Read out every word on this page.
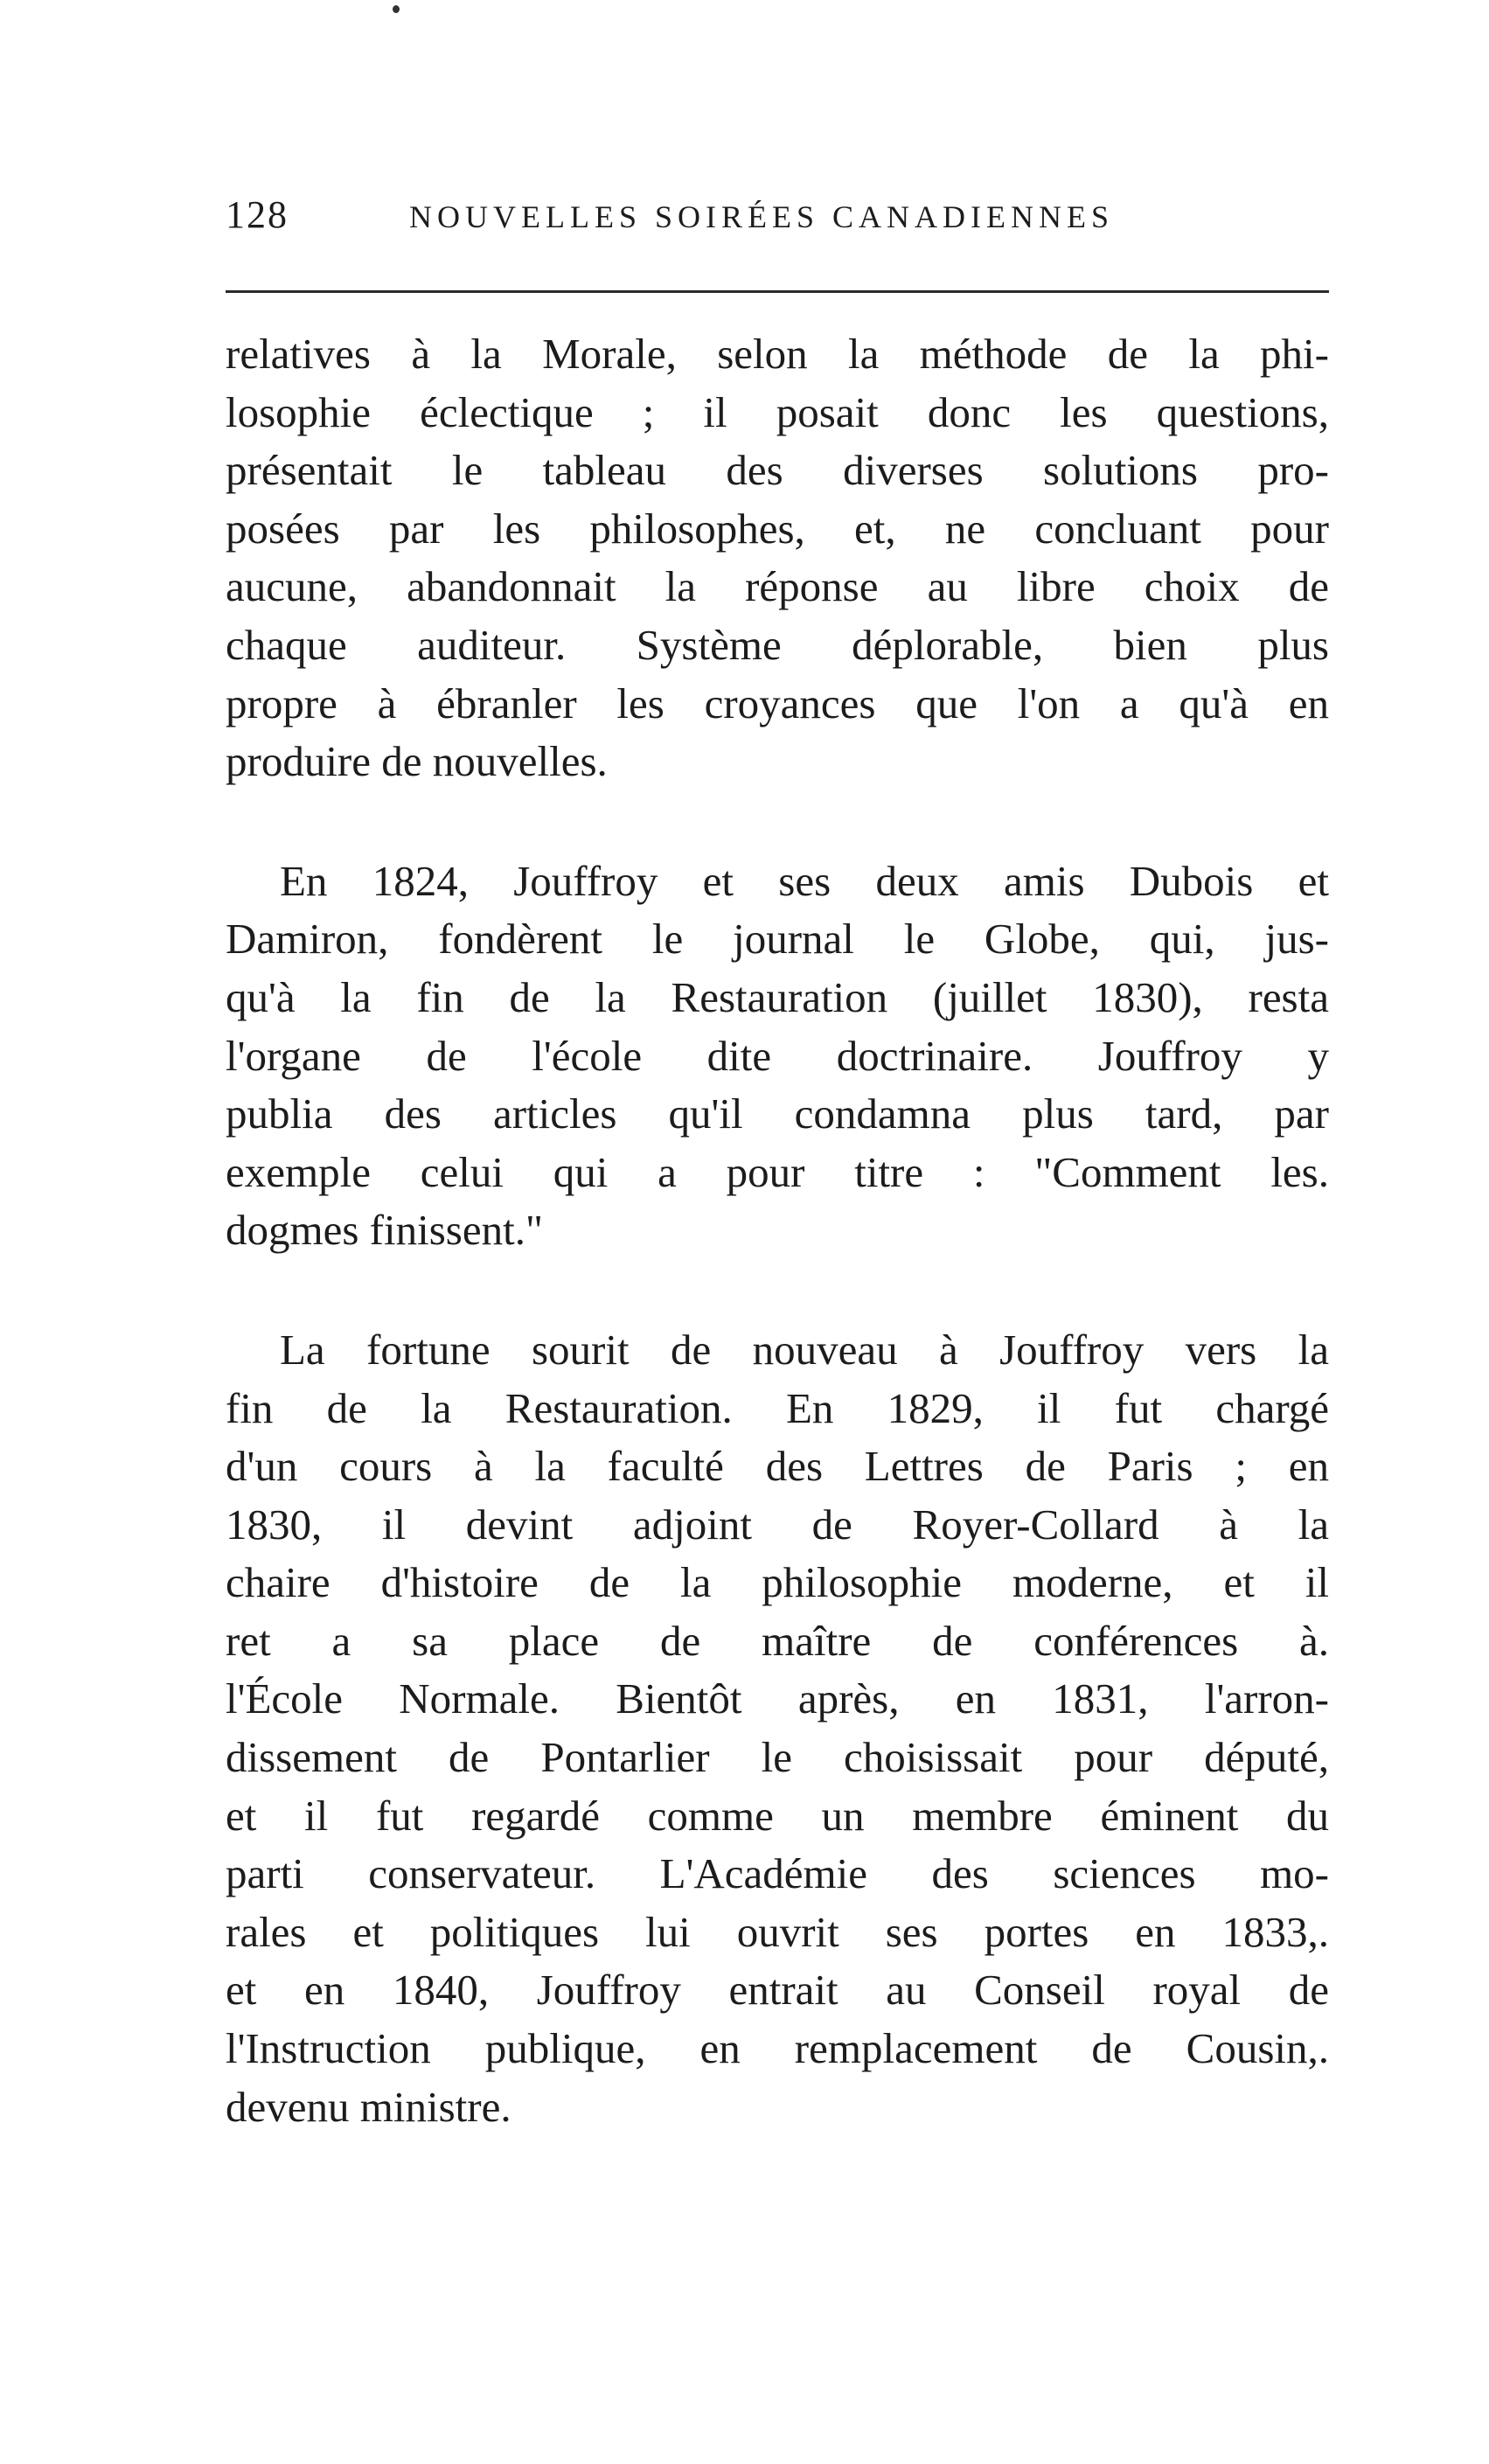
128	NOUVELLES SOIRÉES CANADIENNES
relatives à la Morale, selon la méthode de la phi-
losophie éclectique ; il posait donc les questions,
présentait le tableau des diverses solutions pro-
posées par les philosophes, et, ne concluant pour
aucune, abandonnait la réponse au libre choix de
chaque auditeur. Système déplorable, bien plus
propre à ébranler les croyances que l'on a qu'à en
produire de nouvelles.
En 1824, Jouffroy et ses deux amis Dubois et
Damiron, fondèrent le journal le Globe, qui, jus-
qu'à la fin de la Restauration (juillet 1830), resta
l'organe de l'école dite doctrinaire. Jouffroy y
publia des articles qu'il condamna plus tard, par
exemple celui qui a pour titre : "Comment les.
dogmes finissent."
La fortune sourit de nouveau à Jouffroy vers la
fin de la Restauration. En 1829, il fut chargé
d'un cours à la faculté des Lettres de Paris ; en
1830, il devint adjoint de Royer-Collard à la
chaire d'histoire de la philosophie moderne, et il
ret a sa place de maître de conférences à.
l'École Normale. Bientôt après, en 1831, l'arron-
dissement de Pontarlier le choisissait pour député,
et il fut regardé comme un membre éminent du
parti conservateur. L'Académie des sciences mo-
rales et politiques lui ouvrit ses portes en 1833,.
et en 1840, Jouffroy entrait au Conseil royal de
l'Instruction publique, en remplacement de Cousin,.
devenu ministre.
